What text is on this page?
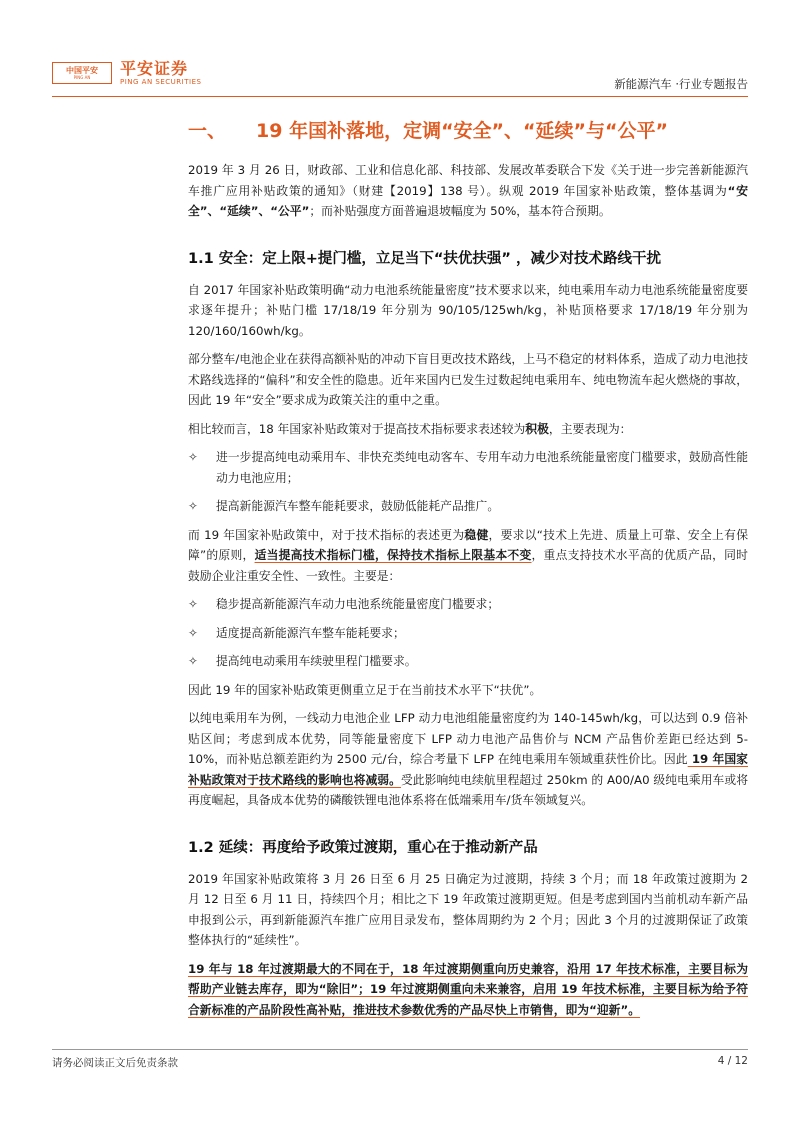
中国平安
PING AN 平安证券
PING AN SECURITIES	新能源汽车 ·行业专题报告
一、 19 年国补落地，定调“安全”、“延续”与“公平”

2019 年 3 月 26 日，财政部、工业和信息化部、科技部、发展改革委联合下发《关于进一步完善新能源汽车推广应用补贴政策的通知》（财建【2019】138 号）。纵观 2019 年国家补贴政策，整体基调为“安全”、“延续”、“公平”；而补贴强度方面普遍退坡幅度为 50%，基本符合预期。

1.1 安全：定上限+提门槛，立足当下“扶优扶强” ，减少对技术路线干扰

自 2017 年国家补贴政策明确“动力电池系统能量密度”技术要求以来，纯电乘用车动力电池系统能量密度要求逐年提升；补贴门槛 17/18/19 年分别为 90/105/125wh/kg，补贴顶格要求 17/18/19 年分别为 120/160/160wh/kg。

部分整车/电池企业在获得高额补贴的冲动下盲目更改技术路线，上马不稳定的材料体系，造成了动力电池技术路线选择的“偏科”和安全性的隐患。近年来国内已发生过数起纯电乘用车、纯电物流车起火燃烧的事故，因此 19 年“安全”要求成为政策关注的重中之重。

相比较而言，18 年国家补贴政策对于提高技术指标要求表述较为积极，主要表现为：

✧	进一步提高纯电动乘用车、非快充类纯电动客车、专用车动力电池系统能量密度门槛要求，鼓励高性能动力电池应用；
✧	提高新能源汽车整车能耗要求，鼓励低能耗产品推广。

而 19 年国家补贴政策中，对于技术指标的表述更为稳健，要求以“技术上先进、质量上可靠、安全上有保障”的原则，适当提高技术指标门槛，保持技术指标上限基本不变，重点支持技术水平高的优质产品，同时鼓励企业注重安全性、一致性。主要是：

✧	稳步提高新能源汽车动力电池系统能量密度门槛要求；
✧	适度提高新能源汽车整车能耗要求；
✧	提高纯电动乘用车续驶里程门槛要求。

因此 19 年的国家补贴政策更侧重立足于在当前技术水平下“扶优”。

以纯电乘用车为例，一线动力电池企业 LFP 动力电池组能量密度约为 140-145wh/kg，可以达到 0.9 倍补贴区间；考虑到成本优势，同等能量密度下 LFP 动力电池产品售价与 NCM 产品售价差距已经达到 5-10%，而补贴总额差距约为 2500 元/台，综合考量下 LFP 在纯电乘用车领域重获性价比。因此 19 年国家补贴政策对于技术路线的影响也将减弱。受此影响纯电续航里程超过 250km 的 A00/A0 级纯电乘用车或将再度崛起，具备成本优势的磷酸铁锂电池体系将在低端乘用车/货车领域复兴。

1.2 延续：再度给予政策过渡期，重心在于推动新产品

2019 年国家补贴政策将 3 月 26 日至 6 月 25 日确定为过渡期，持续 3 个月；而 18 年政策过渡期为 2 月 12 日至 6 月 11 日，持续四个月；相比之下 19 年政策过渡期更短。但是考虑到国内当前机动车新产品申报到公示，再到新能源汽车推广应用目录发布，整体周期约为 2 个月；因此 3 个月的过渡期保证了政策整体执行的“延续性”。

19 年与 18 年过渡期最大的不同在于，18 年过渡期侧重向历史兼容，沿用 17 年技术标准，主要目标为帮助产业链去库存，即为“除旧”；19 年过渡期侧重向未来兼容，启用 19 年技术标准，主要目标为给予符合新标准的产品阶段性高补贴，推进技术参数优秀的产品尽快上市销售，即为“迎新”。

请务必阅读正文后免责条款	4 / 12
